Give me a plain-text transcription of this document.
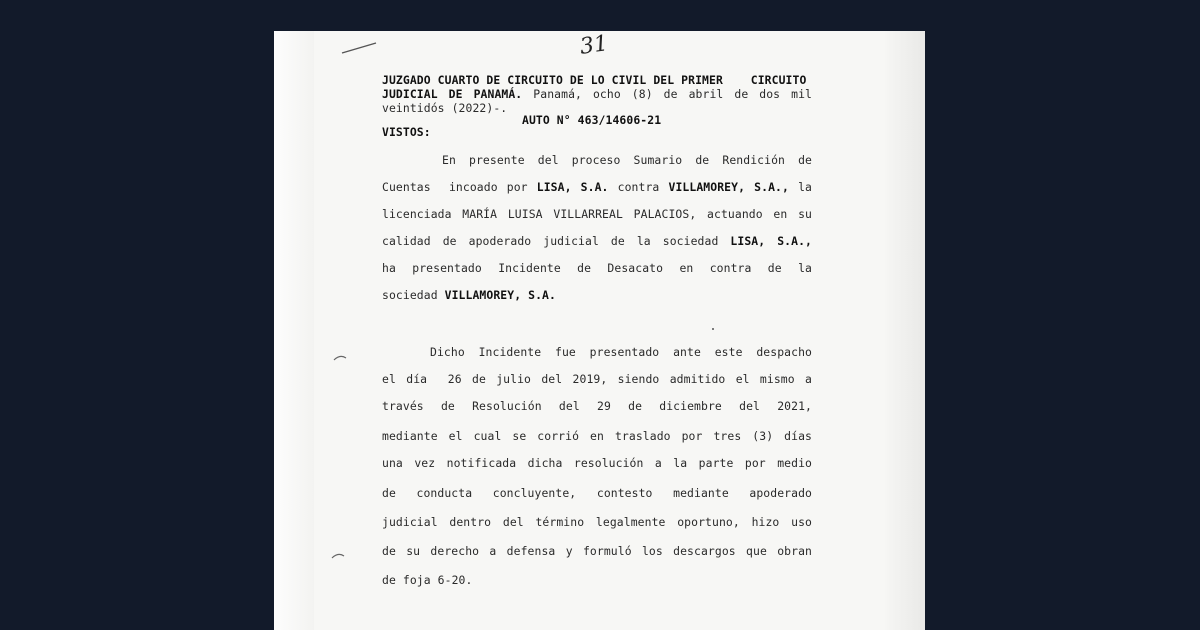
31
JUZGADO CUARTO DE CIRCUITO DE LO CIVIL DEL PRIMER    CIRCUITO
JUDICIAL DE PANAMÁ. Panamá, ocho (8) de abril de dos mil
veintidós (2022)-.
AUTO N° 463/14606-21
VISTOS:
En presente del proceso Sumario de Rendición de
Cuentas  incoado por LISA, S.A. contra VILLAMOREY, S.A., la
licenciada MARÍA LUISA VILLARREAL PALACIOS, actuando en su
calidad de apoderado judicial de la sociedad LISA, S.A.,
ha presentado Incidente de Desacato en contra de la
sociedad VILLAMOREY, S.A.
Dicho Incidente fue presentado ante este despacho
el día  26 de julio del 2019, siendo admitido el mismo a
través de Resolución del 29 de diciembre del 2021,
mediante el cual se corrió en traslado por tres (3) días
una vez notificada dicha resolución a la parte por medio
de conducta concluyente, contesto mediante apoderado
judicial dentro del término legalmente oportuno, hizo uso
de su derecho a defensa y formuló los descargos que obran
de foja 6-20.
